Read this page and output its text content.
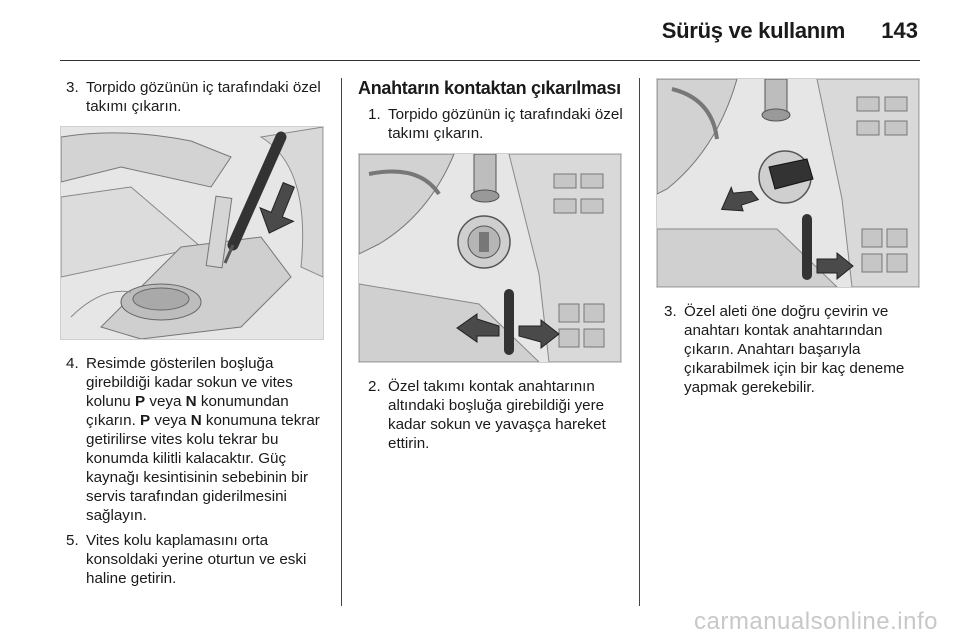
Sürüş ve kullanım 143

3. Torpido gözünün iç tarafındaki özel takımı çıkarın.

4. Resimde gösterilen boşluğa girebildiği kadar sokun ve vites kolunu P veya N konumundan çıkarın. P veya N konumuna tekrar getirilirse vites kolu tekrar bu konumda kilitli kalacaktır. Güç kaynağı kesintisinin sebebinin bir servis tarafından giderilmesini sağlayın.

5. Vites kolu kaplamasını orta konsoldaki yerine oturtun ve eski haline getirin.

Anahtarın kontaktan çıkarılması

1. Torpido gözünün iç tarafındaki özel takımı çıkarın.

2. Özel takımı kontak anahtarının altındaki boşluğa girebildiği yere kadar sokun ve yavaşça hareket ettirin.

3. Özel aleti öne doğru çevirin ve anahtarı kontak anahtarından çıkarın. Anahtarı başarıyla çıkarabilmek için bir kaç deneme yapmak gerekebilir.

carmanualsonline.info
